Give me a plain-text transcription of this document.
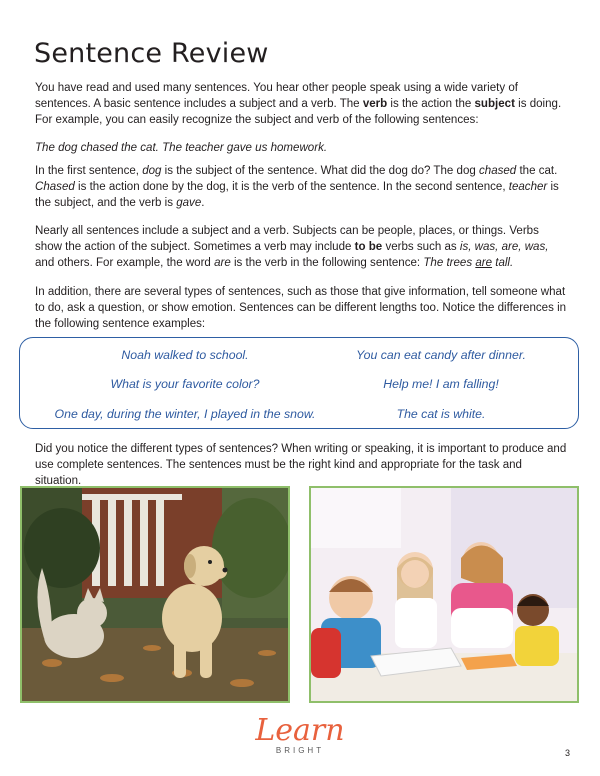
Sentence Review

You have read and used many sentences. You hear other people speak using a wide variety of sentences. A basic sentence includes a subject and a verb. The verb is the action the subject is doing. For example, you can easily recognize the subject and verb of the following sentences:

The dog chased the cat. The teacher gave us homework.

In the first sentence, dog is the subject of the sentence. What did the dog do? The dog chased the cat. Chased is the action done by the dog, it is the verb of the sentence. In the second sentence, teacher is the subject, and the verb is gave.

Nearly all sentences include a subject and a verb. Subjects can be people, places, or things. Verbs show the action of the subject. Sometimes a verb may include to be verbs such as is, was, are, was, and others. For example, the word are is the verb in the following sentence: The trees are tall.

In addition, there are several types of sentences, such as those that give information, tell someone what to do, ask a question, or show emotion. Sentences can be different lengths too. Notice the differences in the following sentence examples:

Noah walked to school.	You can eat candy after dinner.
What is your favorite color?	Help me! I am falling!
One day, during the winter, I played in the snow.	The cat is white.

Did you notice the different types of sentences? When writing or speaking, it is important to produce and use complete sentences. The sentences must be the right kind and appropriate for the task and situation.

Learn
BRIGHT	3
